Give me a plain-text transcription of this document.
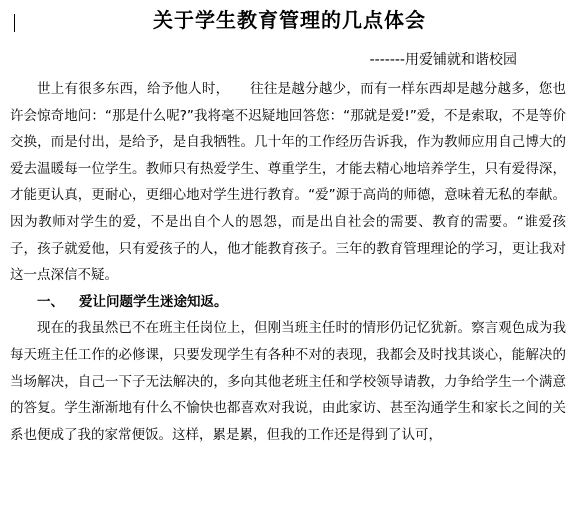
关于学生教育管理的几点体会

-------用爱铺就和谐校园

世上有很多东西，给予他人时，　　往往是越分越少，而有一样东西却是越分越多，您也许会惊奇地问：“那是什么呢?”我将毫不迟疑地回答您：“那就是爱!”爱，不是索取，不是等价交换，而是付出，是给予，是自我牺牲。几十年的工作经历告诉我，作为教师应用自己博大的爱去温暖每一位学生。教师只有热爱学生、尊重学生，才能去精心地培养学生，只有爱得深，才能更认真，更耐心，更细心地对学生进行教育。“爱”源于高尚的师德，意味着无私的奉献。因为教师对学生的爱，不是出自个人的恩怨，而是出自社会的需要、教育的需要。“谁爱孩子，孩子就爱他，只有爱孩子的人，他才能教育孩子。三年的教育管理理论的学习，更让我对这一点深信不疑。

一、 爱让问题学生迷途知返。

现在的我虽然已不在班主任岗位上，但刚当班主任时的情形仍记忆犹新。察言观色成为我每天班主任工作的必修课，只要发现学生有各种不对的表现，我都会及时找其谈心，能解决的当场解决，自己一下子无法解决的，多向其他老班主任和学校领导请教，力争给学生一个满意的答复。学生渐渐地有什么不愉快也都喜欢对我说，由此家访、甚至沟通学生和家长之间的关系也便成了我的家常便饭。这样，累是累，但我的工作还是得到了认可，
